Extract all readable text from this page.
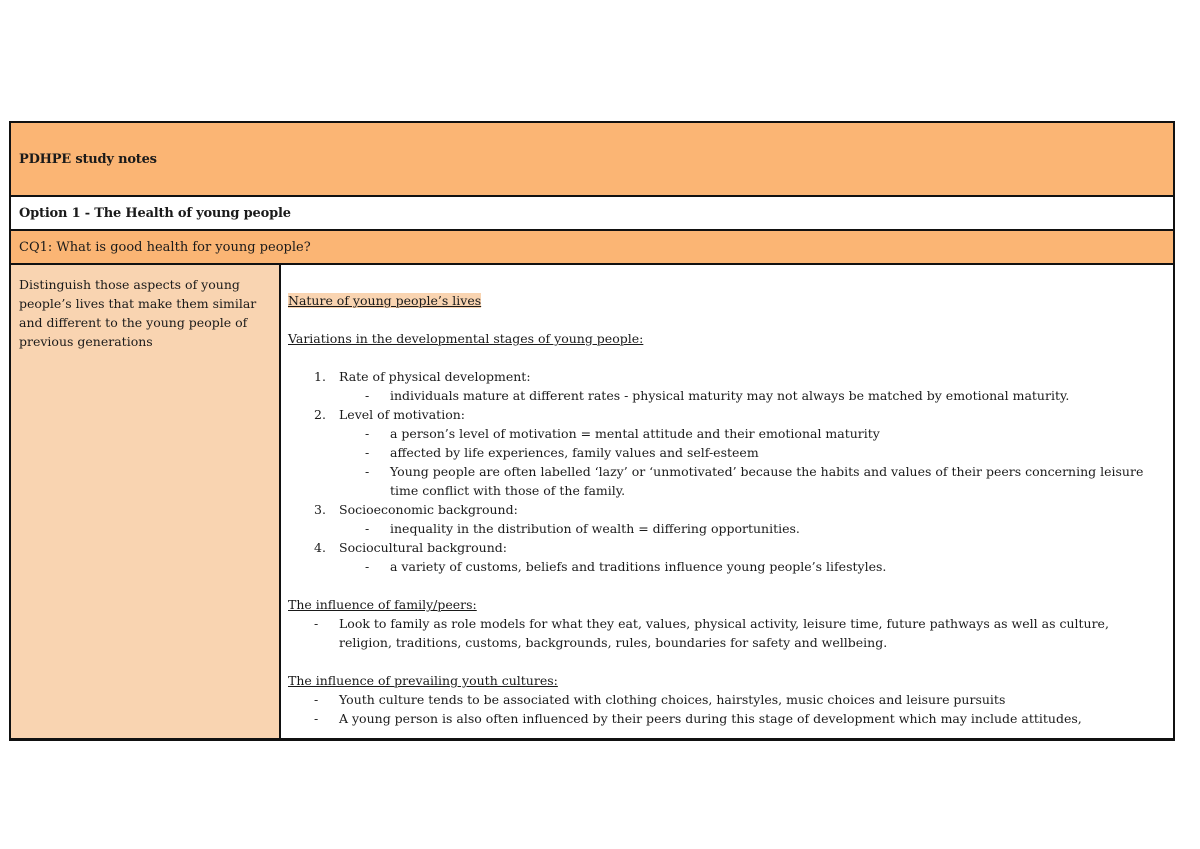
PDHPE study notes
Option 1 - The Health of young people
CQ1: What is good health for young people?
Distinguish those aspects of young people’s lives that make them similar and different to the young people of previous generations
Nature of young people’s lives
Variations in the developmental stages of young people:
1.	Rate of physical development:
-	individuals mature at different rates - physical maturity may not always be matched by emotional maturity.
2.	Level of motivation:
-	a person’s level of motivation = mental attitude and their emotional maturity
-	affected by life experiences, family values and self-esteem
-	Young people are often labelled ‘lazy’ or ‘unmotivated’ because the habits and values of their peers concerning leisure time conflict with those of the family.
3.	Socioeconomic background:
-	inequality in the distribution of wealth = differing opportunities.
4.	Sociocultural background:
-	a variety of customs, beliefs and traditions influence young people’s lifestyles.
The influence of family/peers:
-	Look to family as role models for what they eat, values, physical activity, leisure time, future pathways as well as culture, religion, traditions, customs, backgrounds, rules, boundaries for safety and wellbeing.
The influence of prevailing youth cultures:
-	Youth culture tends to be associated with clothing choices, hairstyles, music choices and leisure pursuits
-	A young person is also often influenced by their peers during this stage of development which may include attitudes,
